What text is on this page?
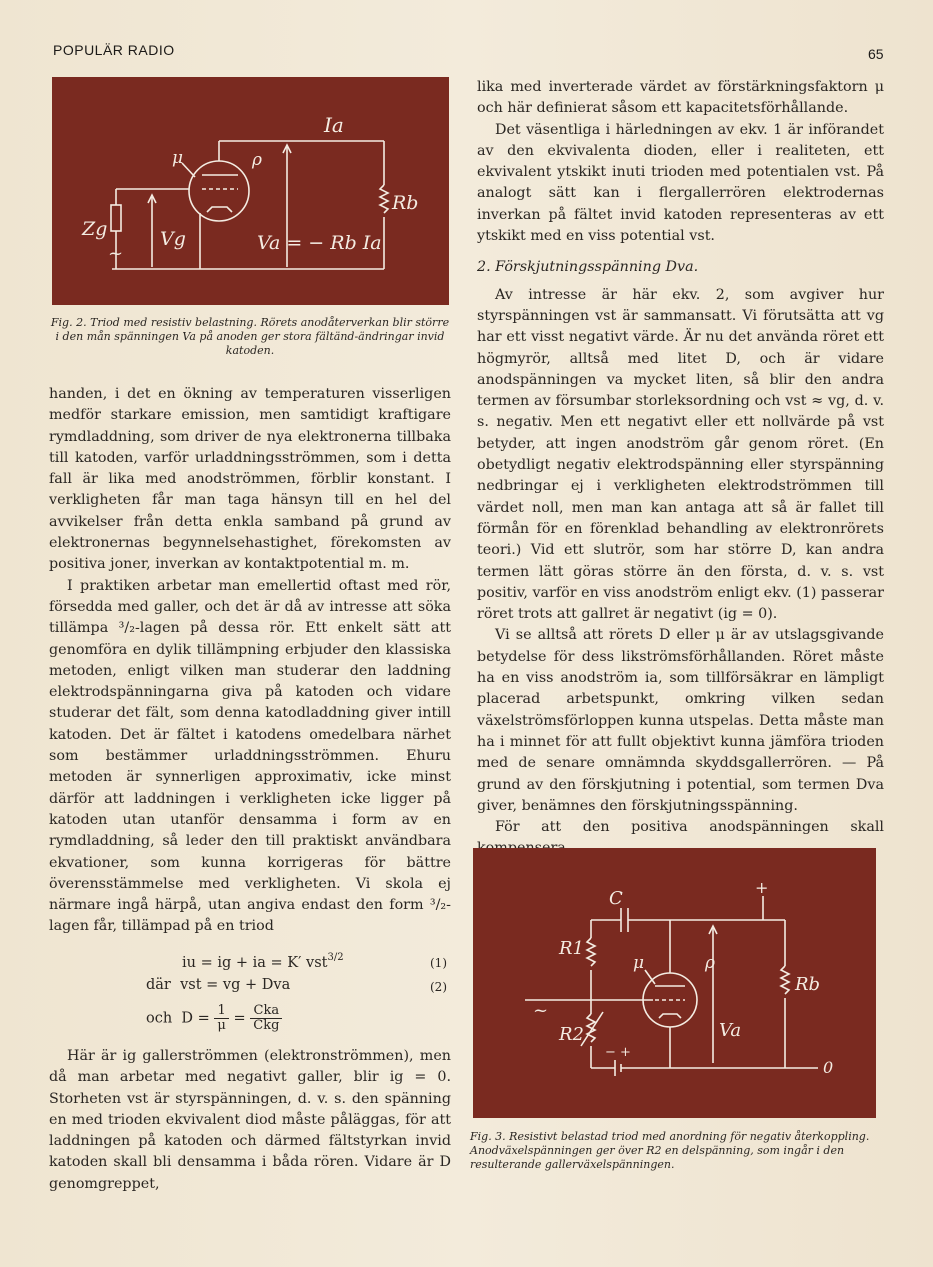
POPULÄR RADIO	65
Ia
μ	ρ
Rb
Zg	Vg	Va = − Rb Ia
~
Fig. 2. Triod med resistiv belastning. Rörets anodåterverkan blir större i den mån spänningen Va på anoden ger stora fältänd-ändringar invid katoden.

handen, i det en ökning av temperaturen visserligen medför starkare emission, men samtidigt kraftigare rymdladdning, som driver de nya elektronerna tillbaka till katoden, varför urladdningsströmmen, som i detta fall är lika med anodströmmen, förblir konstant. I verkligheten får man taga hänsyn till en hel del avvikelser från detta enkla samband på grund av elektronernas begynnelsehastighet, förekomsten av positiva joner, inverkan av kontaktpotential m. m.

I praktiken arbetar man emellertid oftast med rör, försedda med galler, och det är då av intresse att söka tillämpa ³/₂-lagen på dessa rör. Ett enkelt sätt att genomföra en dylik tillämpning erbjuder den klassiska metoden, enligt vilken man studerar den laddning elektrodspänningarna giva på katoden och vidare studerar det fält, som denna katodladdning giver intill katoden. Det är fältet i katodens omedelbara närhet som bestämmer urladdningsströmmen. Ehuru metoden är synnerligen approximativ, icke minst därför att laddningen i verkligheten icke ligger på katoden utan utanför densamma i form av en rymdladdning, så leder den till praktiskt användbara ekvationer, som kunna korrigeras för bättre överensstämmelse med verkligheten. Vi skola ej närmare ingå härpå, utan angiva endast den form ³/₂-lagen får, tillämpad på en triod

iu = ig + ia = K′ vst$^{3/2}$	(1)
där vst = vg + Dva	(2)
och $D = \frac{1}{\mu} = \frac{\text{Cka}}{\text{Ckg}}$

Här är ig gallerströmmen (elektronströmmen), men då man arbetar med negativt galler, blir ig = 0. Storheten vst är styrspänningen, d. v. s. den spänning en med trioden ekvivalent diod måste påläggas, för att laddningen på katoden och därmed fältstyrkan invid katoden skall bli densamma i båda rören. Vidare är D genomgreppet,

lika med inverterade värdet av förstärkningsfaktorn μ och här definierat såsom ett kapacitetsförhållande.

Det väsentliga i härledningen av ekv. 1 är införandet av den ekvivalenta dioden, eller i realiteten, ett ekvivalent ytskikt inuti trioden med potentialen vst. På analogt sätt kan i flergallerrören elektrodernas inverkan på fältet invid katoden representeras av ett ytskikt med en viss potential vst.

2. Förskjutningsspänning Dva.

Av intresse är här ekv. 2, som avgiver hur styrspänningen vst är sammansatt. Vi förutsätta att vg har ett visst negativt värde. Är nu det använda röret ett högmyrör, alltså med litet D, och är vidare anodspänningen va mycket liten, så blir den andra termen av försumbar storleksordning och vst ≈ vg, d. v. s. negativ. Men ett negativt eller ett nollvärde på vst betyder, att ingen anodström går genom röret. (En obetydligt negativ elektrodspänning eller styrspänning nedbringar ej i verkligheten elektrodströmmen till värdet noll, men man kan antaga att så är fallet till förmån för en förenklad behandling av elektronrörets teori.) Vid ett slutrör, som har större D, kan andra termen lätt göras större än den första, d. v. s. vst positiv, varför en viss anodström enligt ekv. (1) passerar röret trots att gallret är negativt (ig = 0).

Vi se alltså att rörets D eller μ är av utslagsgivande betydelse för dess likströmsförhållanden. Röret måste ha en viss anodström ia, som tillförsäkrar en lämpligt placerad arbetspunkt, omkring vilken sedan växelströmsförloppen kunna utspelas. Detta måste man ha i minnet för att fullt objektivt kunna jämföra trioden med de senare omnämnda skyddsgallerrören. — På grund av den förskjutning i potential, som termen Dva giver, benämnes den förskjutningsspänning.

För att den positiva anodspänningen skall

C
+
R1
R2
μ	ρ
Rb
Va
~
0
− +
Fig. 3. Resistivt belastad triod med anordning för negativ återkoppling. Anodväxelspänningen ger över R2 en delspänning, som ingår i den resulterande gallerväxelspänningen.
